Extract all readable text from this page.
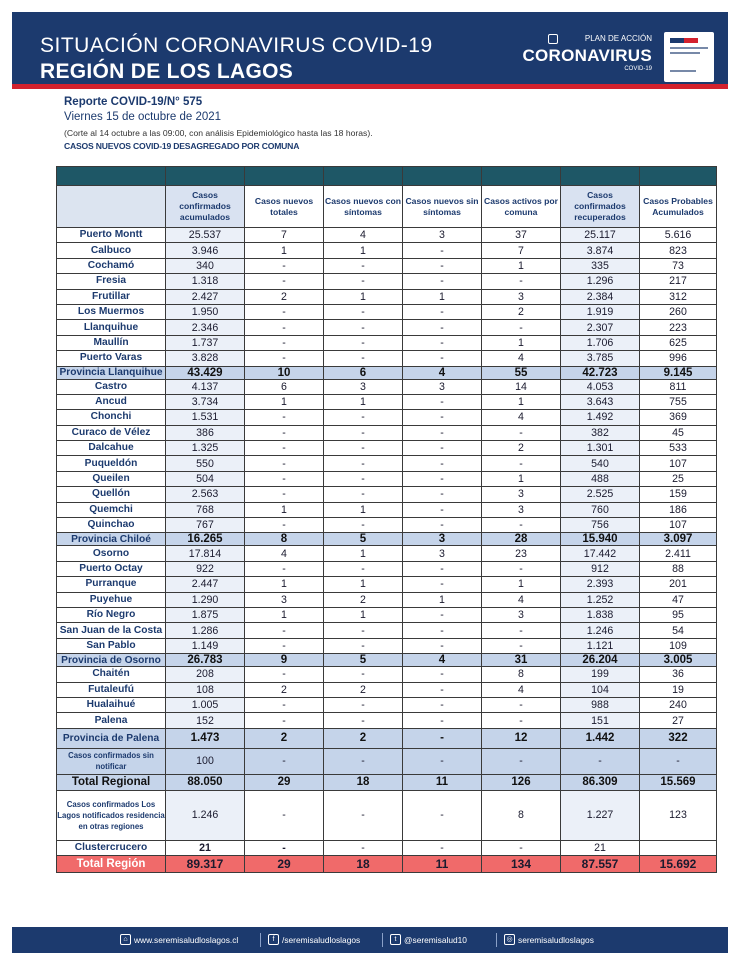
SITUACIÓN CORONAVIRUS COVID-19
REGIÓN DE LOS LAGOS
PLAN DE ACCIÓN
CORONAVIRUS
COVID-19
Reporte COVID-19/N° 575
Viernes 15 de octubre de 2021
(Corte al 14 octubre a las 09:00, con análisis Epidemiológico hasta las 18 horas).
CASOS NUEVOS COVID-19 DESAGREGADO POR COMUNA

	Casos confirmados acumulados	Casos nuevos totales	Casos nuevos con síntomas	Casos nuevos sin síntomas	Casos activos por comuna	Casos confirmados recuperados	Casos Probables Acumulados
Puerto Montt	25.537	7	4	3	37	25.117	5.616
Calbuco	3.946	1	1	-	7	3.874	823
Cochamó	340	-	-	-	1	335	73
Fresia	1.318	-	-	-	-	1.296	217
Frutillar	2.427	2	1	1	3	2.384	312
Los Muermos	1.950	-	-	-	2	1.919	260
Llanquihue	2.346	-	-	-	-	2.307	223
Maullín	1.737	-	-	-	1	1.706	625
Puerto Varas	3.828	-	-	-	4	3.785	996
Provincia Llanquihue	43.429	10	6	4	55	42.723	9.145
Castro	4.137	6	3	3	14	4.053	811
Ancud	3.734	1	1	-	1	3.643	755
Chonchi	1.531	-	-	-	4	1.492	369
Curaco de Vélez	386	-	-	-	-	382	45
Dalcahue	1.325	-	-	-	2	1.301	533
Puqueldón	550	-	-	-	-	540	107
Queilen	504	-	-	-	1	488	25
Quellón	2.563	-	-	-	3	2.525	159
Quemchi	768	1	1	-	3	760	186
Quinchao	767	-	-	-	-	756	107
Provincia Chiloé	16.265	8	5	3	28	15.940	3.097
Osorno	17.814	4	1	3	23	17.442	2.411
Puerto Octay	922	-	-	-	-	912	88
Purranque	2.447	1	1	-	1	2.393	201
Puyehue	1.290	3	2	1	4	1.252	47
Río Negro	1.875	1	1	-	3	1.838	95
San Juan de la Costa	1.286	-	-	-	-	1.246	54
San Pablo	1.149	-	-	-	-	1.121	109
Provincia de Osorno	26.783	9	5	4	31	26.204	3.005
Chaitén	208	-	-	-	8	199	36
Futaleufú	108	2	2	-	4	104	19
Hualaihué	1.005	-	-	-	-	988	240
Palena	152	-	-	-	-	151	27
Provincia de Palena	1.473	2	2	-	12	1.442	322
Casos confirmados sin notificar	100	-	-	-	-	-	-
Total Regional	88.050	29	18	11	126	86.309	15.569
Casos confirmados Los Lagos notificados residencia en otras regiones	1.246	-	-	-	8	1.227	123
Clustercrucero	21	-	-	-	-	21	
Total Región	89.317	29	18	11	134	87.557	15.692
⌂ www.seremisaludloslagos.cl	f /seremisaludloslagos	t @seremisalud10	◎ seremisaludloslagos
